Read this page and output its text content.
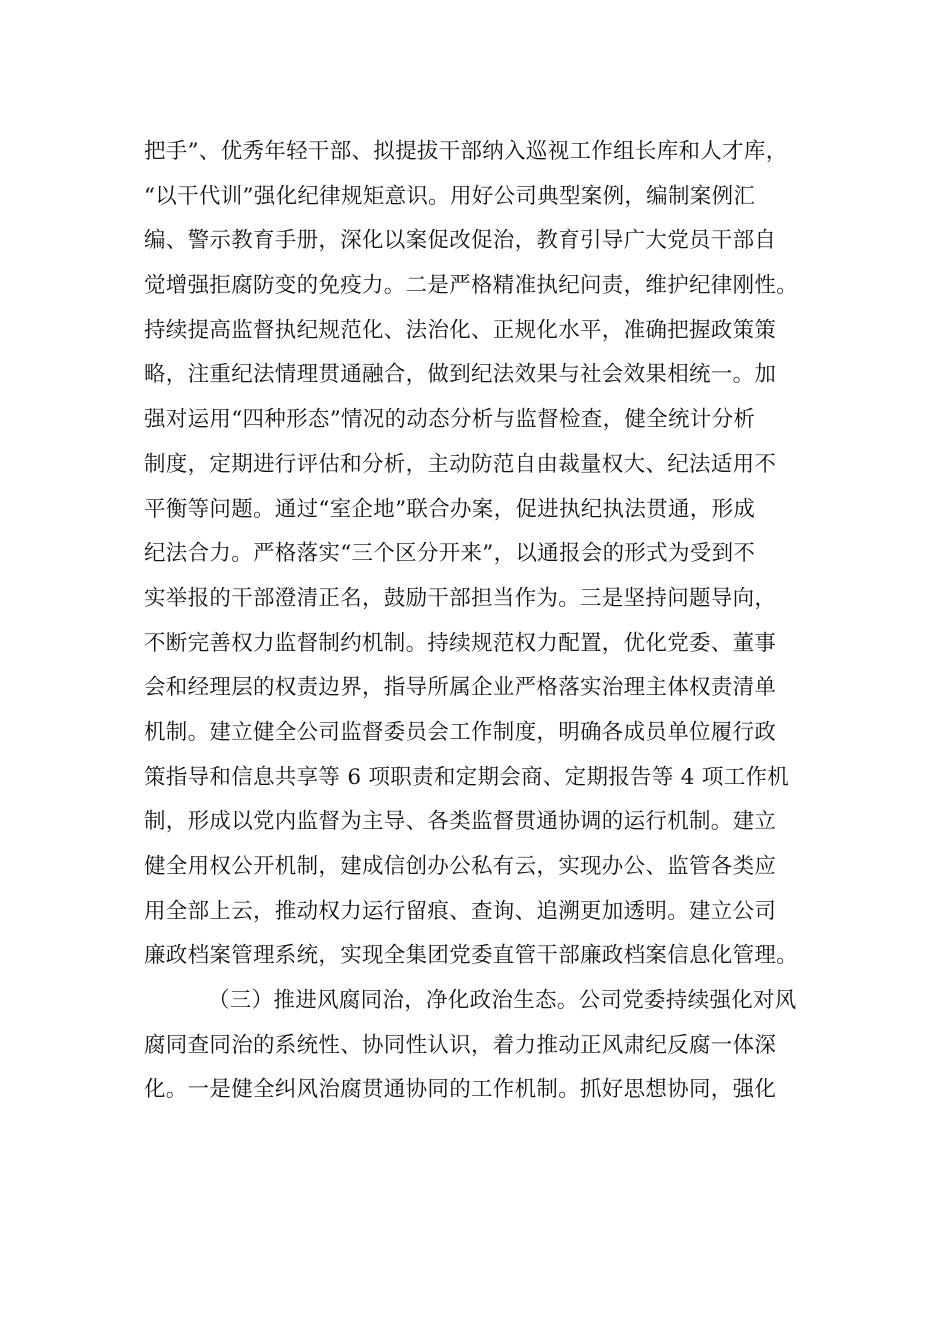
把手”、优秀年轻干部、拟提拔干部纳入巡视工作组长库和人才库，
“以干代训”强化纪律规矩意识。用好公司典型案例，编制案例汇
编、警示教育手册，深化以案促改促治，教育引导广大党员干部自
觉增强拒腐防变的免疫力。二是严格精准执纪问责，维护纪律刚性。
持续提高监督执纪规范化、法治化、正规化水平，准确把握政策策
略，注重纪法情理贯通融合，做到纪法效果与社会效果相统一。加
强对运用“四种形态”情况的动态分析与监督检查，健全统计分析
制度，定期进行评估和分析，主动防范自由裁量权大、纪法适用不
平衡等问题。通过“室企地”联合办案，促进执纪执法贯通，形成
纪法合力。严格落实“三个区分开来”，以通报会的形式为受到不
实举报的干部澄清正名，鼓励干部担当作为。三是坚持问题导向，
不断完善权力监督制约机制。持续规范权力配置，优化党委、董事
会和经理层的权责边界，指导所属企业严格落实治理主体权责清单
机制。建立健全公司监督委员会工作制度，明确各成员单位履行政
策指导和信息共享等 6 项职责和定期会商、定期报告等 4 项工作机
制，形成以党内监督为主导、各类监督贯通协调的运行机制。建立
健全用权公开机制，建成信创办公私有云，实现办公、监管各类应
用全部上云，推动权力运行留痕、查询、追溯更加透明。建立公司
廉政档案管理系统，实现全集团党委直管干部廉政档案信息化管理。
（三）推进风腐同治，净化政治生态。公司党委持续强化对风
腐同查同治的系统性、协同性认识，着力推动正风肃纪反腐一体深
化。一是健全纠风治腐贯通协同的工作机制。抓好思想协同，强化
